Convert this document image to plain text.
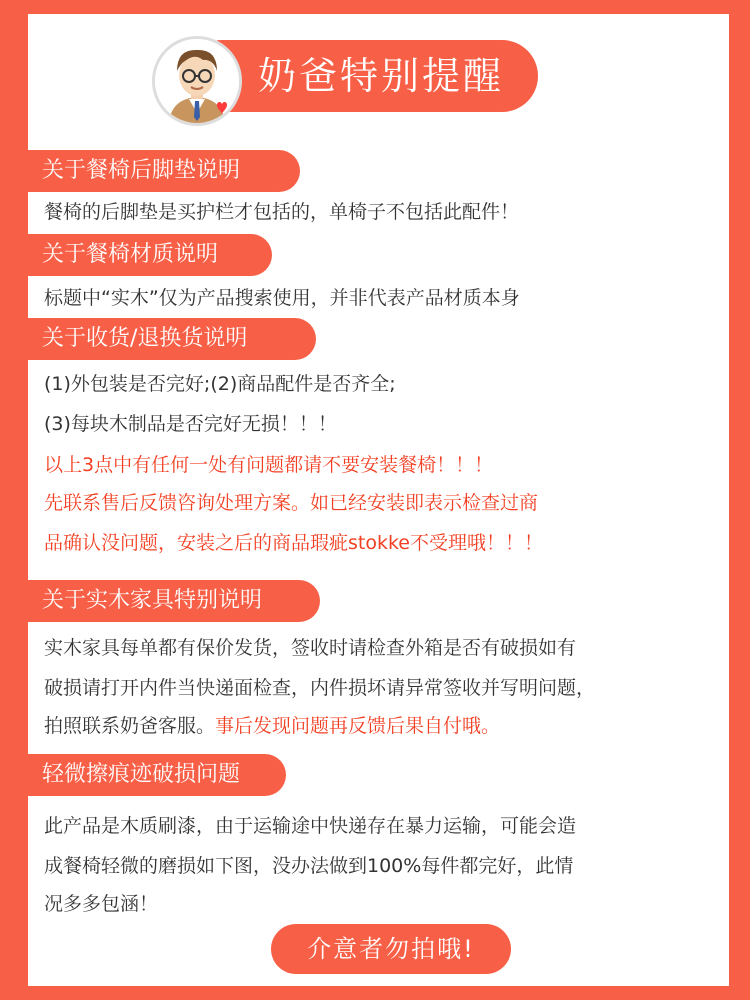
奶爸特别提醒
关于餐椅后脚垫说明
餐椅的后脚垫是买护栏才包括的，单椅子不包括此配件！
关于餐椅材质说明
标题中“实木”仅为产品搜索使用，并非代表产品材质本身
关于收货/退换货说明
(1)外包装是否完好;(2)商品配件是否齐全;
(3)每块木制品是否完好无损！！！
以上3点中有任何一处有问题都请不要安装餐椅！！！
先联系售后反馈咨询处理方案。如已经安装即表示检查过商
品确认没问题，安装之后的商品瑕疵stokke不受理哦！！！
关于实木家具特别说明
实木家具每单都有保价发货，签收时请检查外箱是否有破损如有
破损请打开内件当快递面检查，内件损坏请异常签收并写明问题，
拍照联系奶爸客服。事后发现问题再反馈后果自付哦。
轻微擦痕迹破损问题
此产品是木质刷漆，由于运输途中快递存在暴力运输，可能会造
成餐椅轻微的磨损如下图，没办法做到100%每件都完好，此情
况多多包涵！
介意者勿拍哦!
